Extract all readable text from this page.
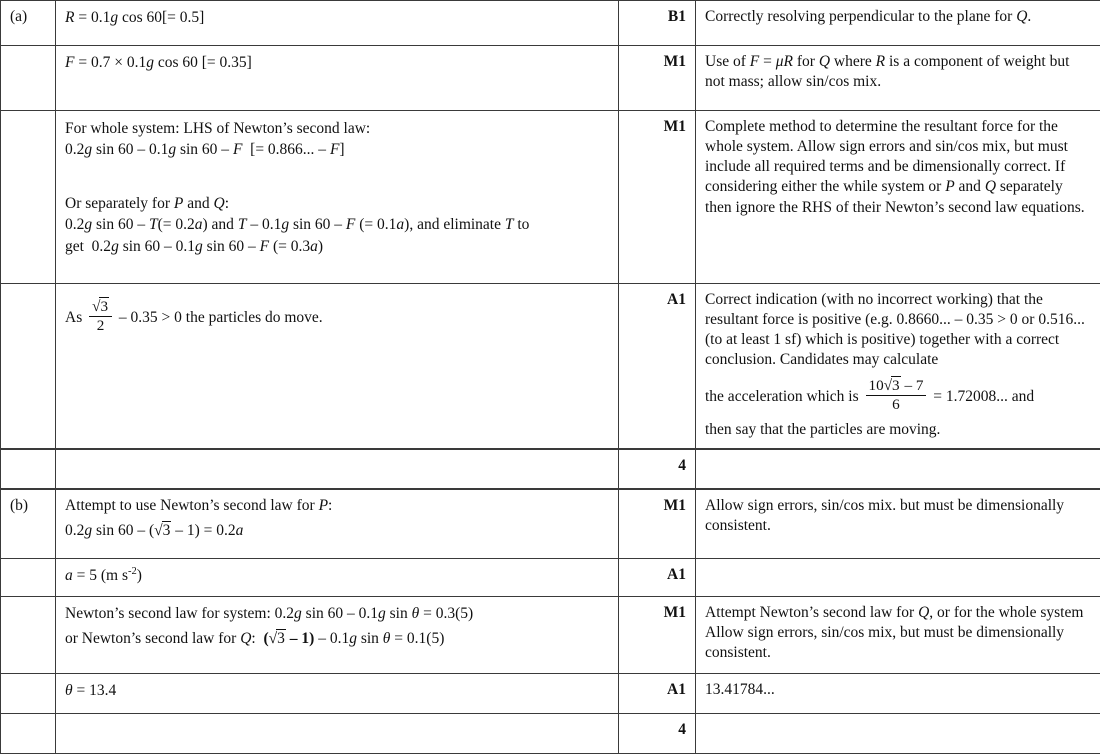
(a)	R = 0.1g cos 60[= 0.5]	B1	Correctly resolving perpendicular to the plane for Q.

	F = 0.7 × 0.1g cos 60 [= 0.35]	M1	Use of F = μR for Q where R is a component of weight but not mass; allow sin/cos mix.

For whole system: LHS of Newton’s second law:
0.2g sin 60 – 0.1g sin 60 – F [= 0.866... – F]
Or separately for P and Q:
0.2g sin 60 – T(= 0.2a) and T – 0.1g sin 60 – F (= 0.1a), and eliminate T to
get  0.2g sin 60 – 0.1g sin 60 – F (= 0.3a)
	M1	Complete method to determine the resultant force for the whole system. Allow sign errors and sin/cos mix, but must include all required terms and be dimensionally correct. If considering either the while system or P and Q separately then ignore the RHS of their Newton’s second law equations.

As $\frac{√3}{2} - 0.35 > 0$ the particles do move.
	A1	Correct indication (with no incorrect working) that the resultant force is positive (e.g. 0.8660... – 0.35 > 0 or 0.516... (to at least 1 sf) which is positive) together with a correct conclusion. Candidates may calculate
the acceleration which is $\frac{10√3 - 7}{6} = 1.72008$... and
then say that the particles are moving.

		4	
(b)	Attempt to use Newton’s second law for P:
0.2g sin 60 – (√3 – 1) = 0.2a	M1	Allow sign errors, sin/cos mix. but must be dimensionally consistent.

	a = 5 (m $s^{-2}$)	A1	

	Newton’s second law for system: 0.2g sin 60 – 0.1g sin θ = 0.3(5)
or Newton’s second law for Q:  (√3 – 1) – 0.1g sin θ = 0.1(5)	M1	Attempt Newton’s second law for Q, or for the whole system  Allow sign errors, sin/cos mix, but must be dimensionally consistent.

	θ = 13.4	A1	13.41784...
		4	
